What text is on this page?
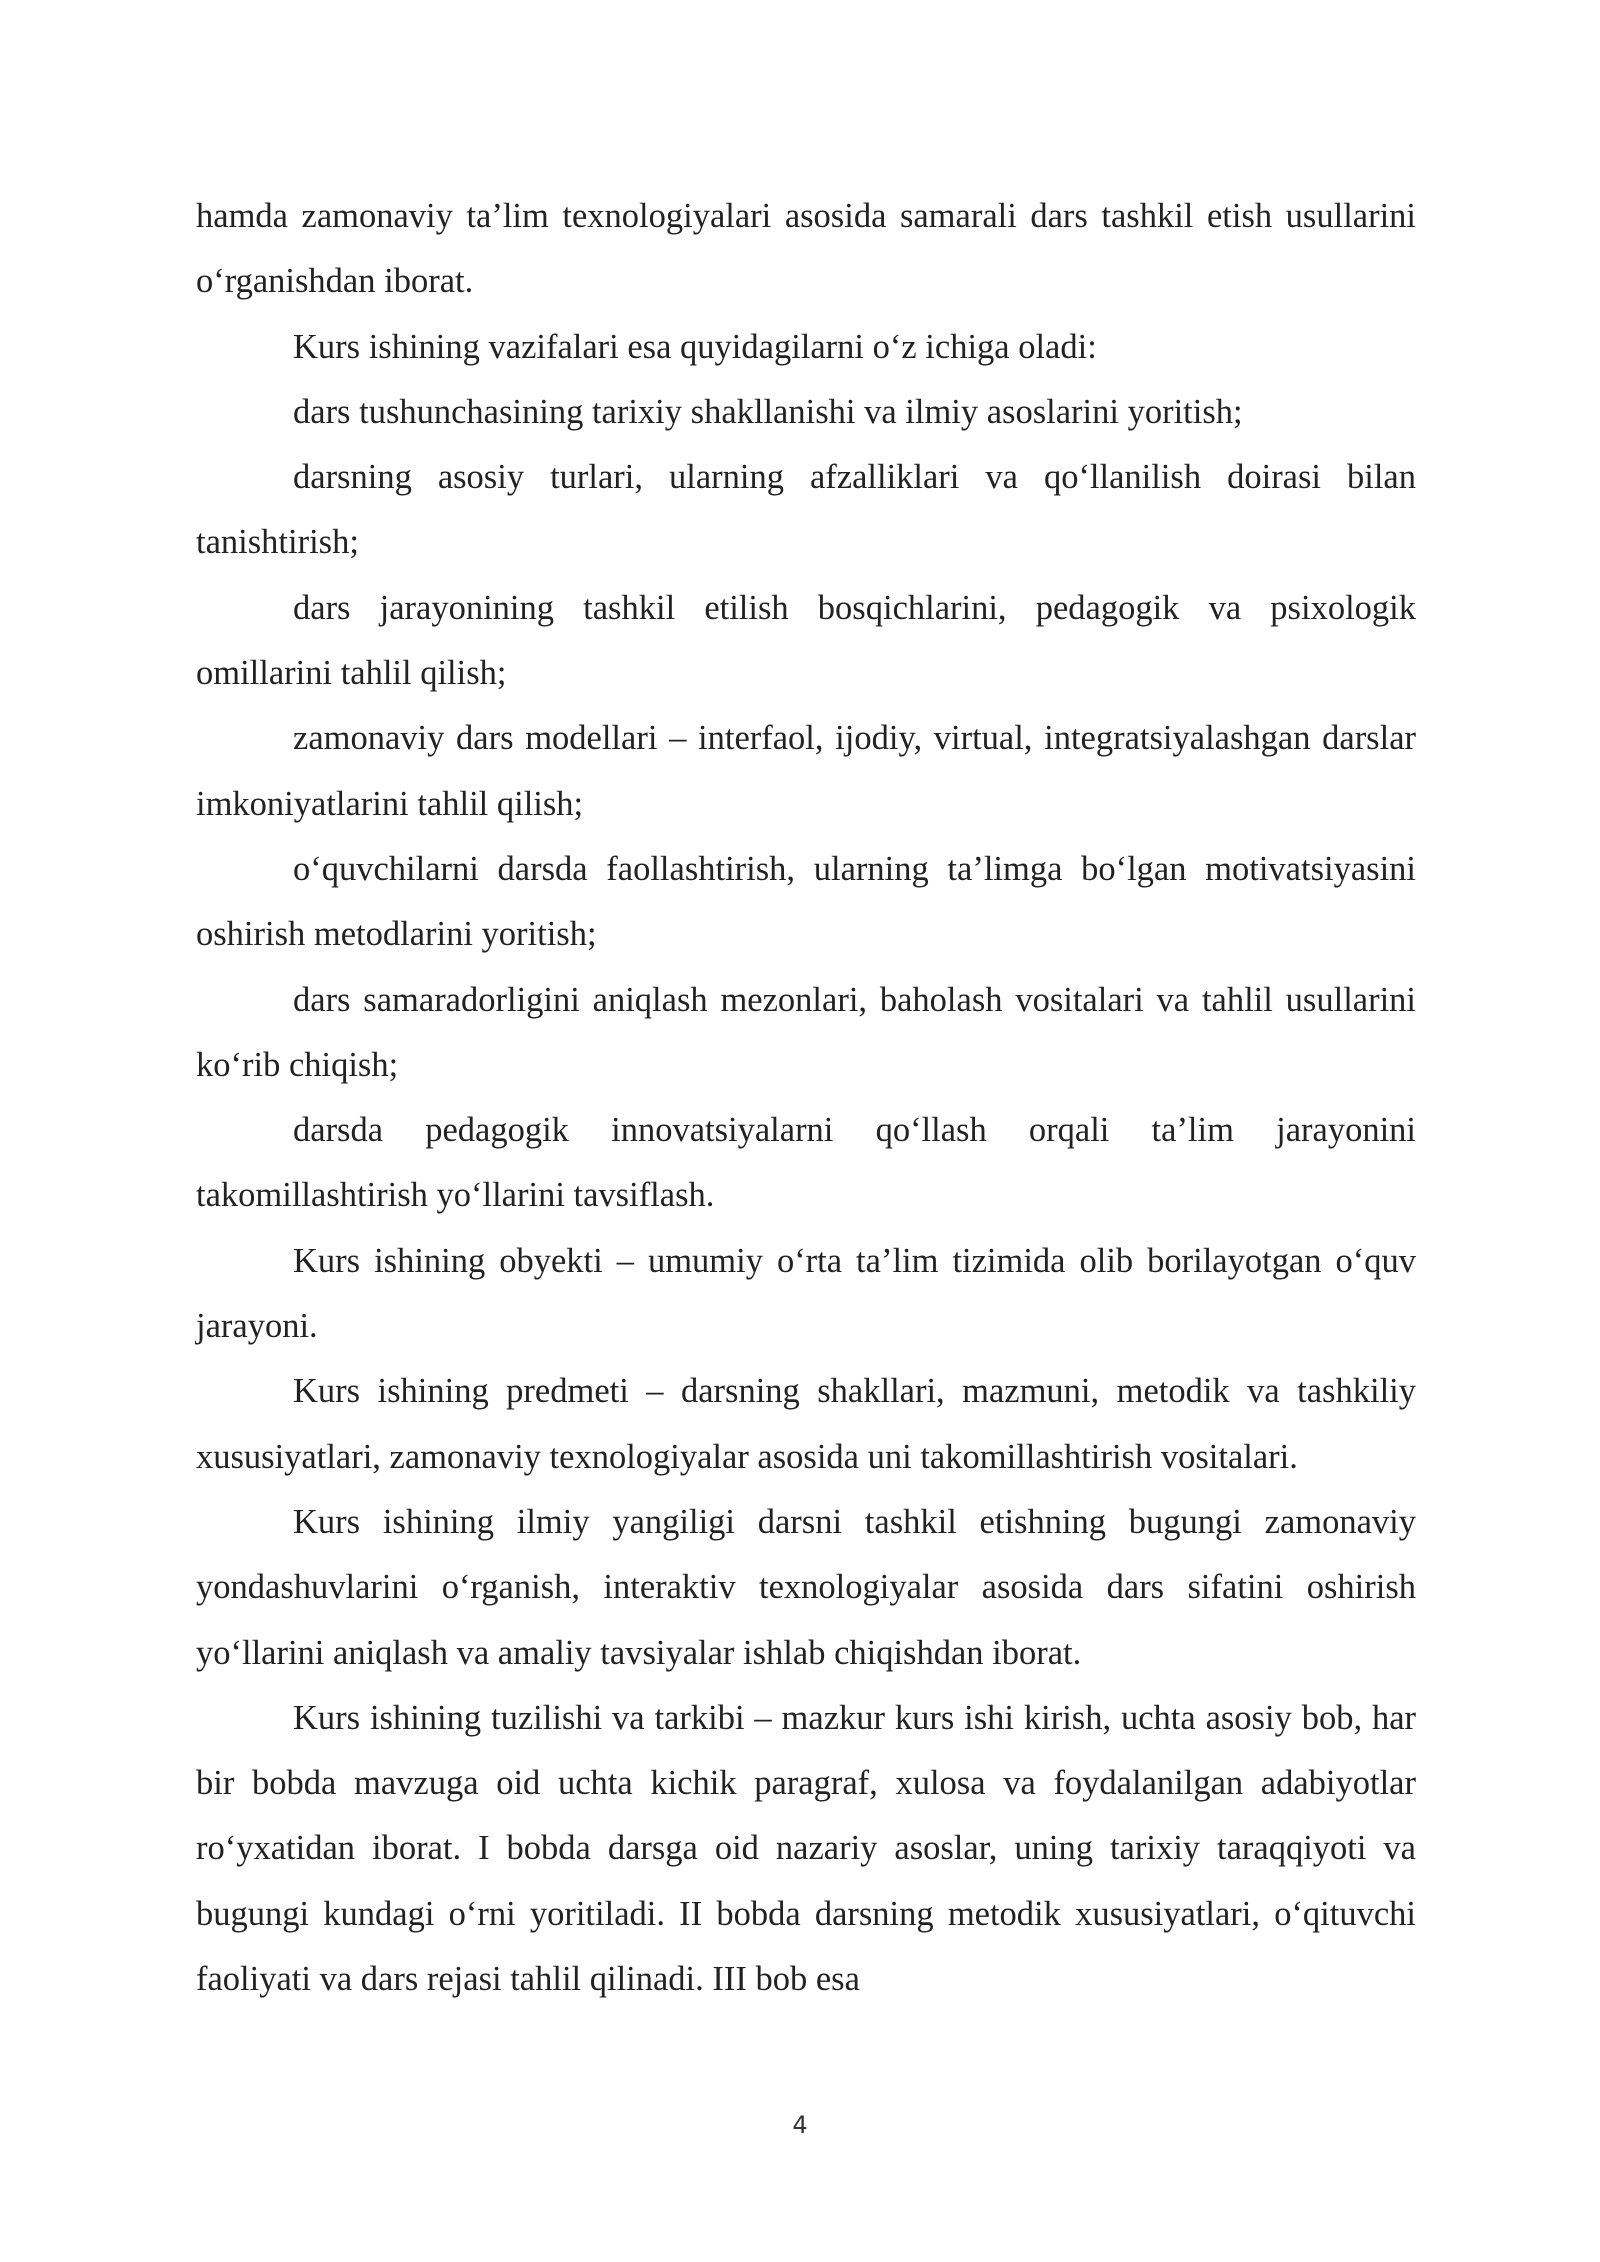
hamda zamonaviy ta’lim texnologiyalari asosida samarali dars tashkil etish usullarini o‘rganishdan iborat.

Kurs ishining vazifalari esa quyidagilarni o‘z ichiga oladi:

dars tushunchasining tarixiy shakllanishi va ilmiy asoslarini yoritish;

darsning asosiy turlari, ularning afzalliklari va qo‘llanilish doirasi bilan tanishtirish;

dars jarayonining tashkil etilish bosqichlarini, pedagogik va psixologik omillarini tahlil qilish;

zamonaviy dars modellari – interfaol, ijodiy, virtual, integratsiyalashgan darslar imkoniyatlarini tahlil qilish;

o‘quvchilarni darsda faollashtirish, ularning ta’limga bo‘lgan motivatsiyasini oshirish metodlarini yoritish;

dars samaradorligini aniqlash mezonlari, baholash vositalari va tahlil usullarini ko‘rib chiqish;

darsda pedagogik innovatsiyalarni qo‘llash orqali ta’lim jarayonini takomillashtirish yo‘llarini tavsiflash.

Kurs ishining obyekti – umumiy o‘rta ta’lim tizimida olib borilayotgan o‘quv jarayoni.

Kurs ishining predmeti – darsning shakllari, mazmuni, metodik va tashkiliy xususiyatlari, zamonaviy texnologiyalar asosida uni takomillashtirish vositalari.

Kurs ishining ilmiy yangiligi darsni tashkil etishning bugungi zamonaviy yondashuvlarini o‘rganish, interaktiv texnologiyalar asosida dars sifatini oshirish yo‘llarini aniqlash va amaliy tavsiyalar ishlab chiqishdan iborat.

Kurs ishining tuzilishi va tarkibi – mazkur kurs ishi kirish, uchta asosiy bob, har bir bobda mavzuga oid uchta kichik paragraf, xulosa va foydalanilgan adabiyotlar ro‘yxatidan iborat. I bobda darsga oid nazariy asoslar, uning tarixiy taraqqiyoti va bugungi kundagi o‘rni yoritiladi. II bobda darsning metodik xususiyatlari, o‘qituvchi faoliyati va dars rejasi tahlil qilinadi. III bob esa

4
